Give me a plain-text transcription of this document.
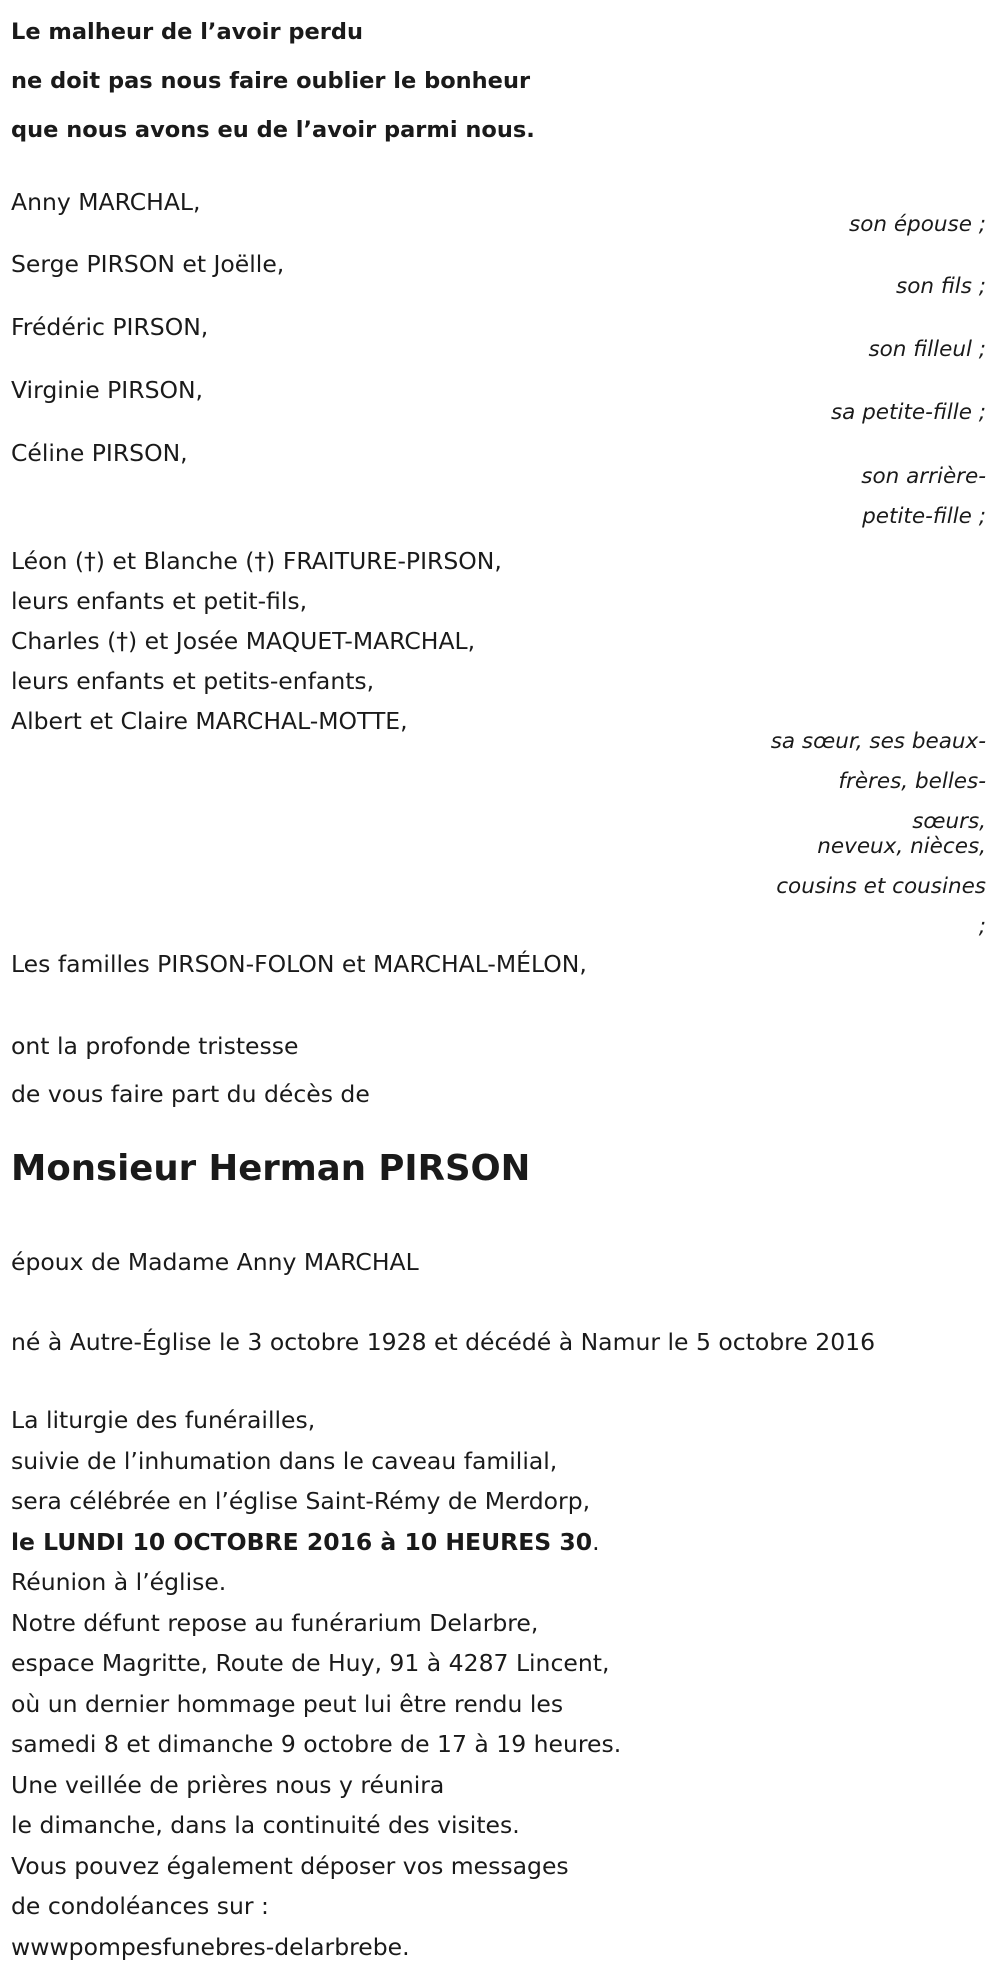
Le malheur de l’avoir perdu
ne doit pas nous faire oublier le bonheur
que nous avons eu de l’avoir parmi nous.
Anny MARCHAL,
son épouse ;
Serge PIRSON et Joëlle,
son fils ;
Frédéric PIRSON,
son filleul ;
Virginie PIRSON,
sa petite-fille ;
Céline PIRSON,
son arrière-
petite-fille ;
Léon (†) et Blanche (†) FRAITURE-PIRSON,
leurs enfants et petit-fils,
Charles (†) et Josée MAQUET-MARCHAL,
leurs enfants et petits-enfants,
Albert et Claire MARCHAL-MOTTE,
sa sœur, ses beaux-
frères, belles-
sœurs,
neveux, nièces,
cousins et cousines
;
Les familles PIRSON-FOLON et MARCHAL-MÉLON,
ont la profonde tristesse
de vous faire part du décès de
Monsieur Herman PIRSON
époux de Madame Anny MARCHAL
né à Autre-Église le 3 octobre 1928 et décédé à Namur le 5 octobre 2016
La liturgie des funérailles,
suivie de l’inhumation dans le caveau familial,
sera célébrée en l’église Saint-Rémy de Merdorp,
le LUNDI 10 OCTOBRE 2016 à 10 HEURES 30.
Réunion à l’église.
Notre défunt repose au funérarium Delarbre,
espace Magritte, Route de Huy, 91 à 4287 Lincent,
où un dernier hommage peut lui être rendu les
samedi 8 et dimanche 9 octobre de 17 à 19 heures.
Une veillée de prières nous y réunira
le dimanche, dans la continuité des visites.
Vous pouvez également déposer vos messages
de condoléances sur :
wwwpompesfunebres-delarbrebe.
